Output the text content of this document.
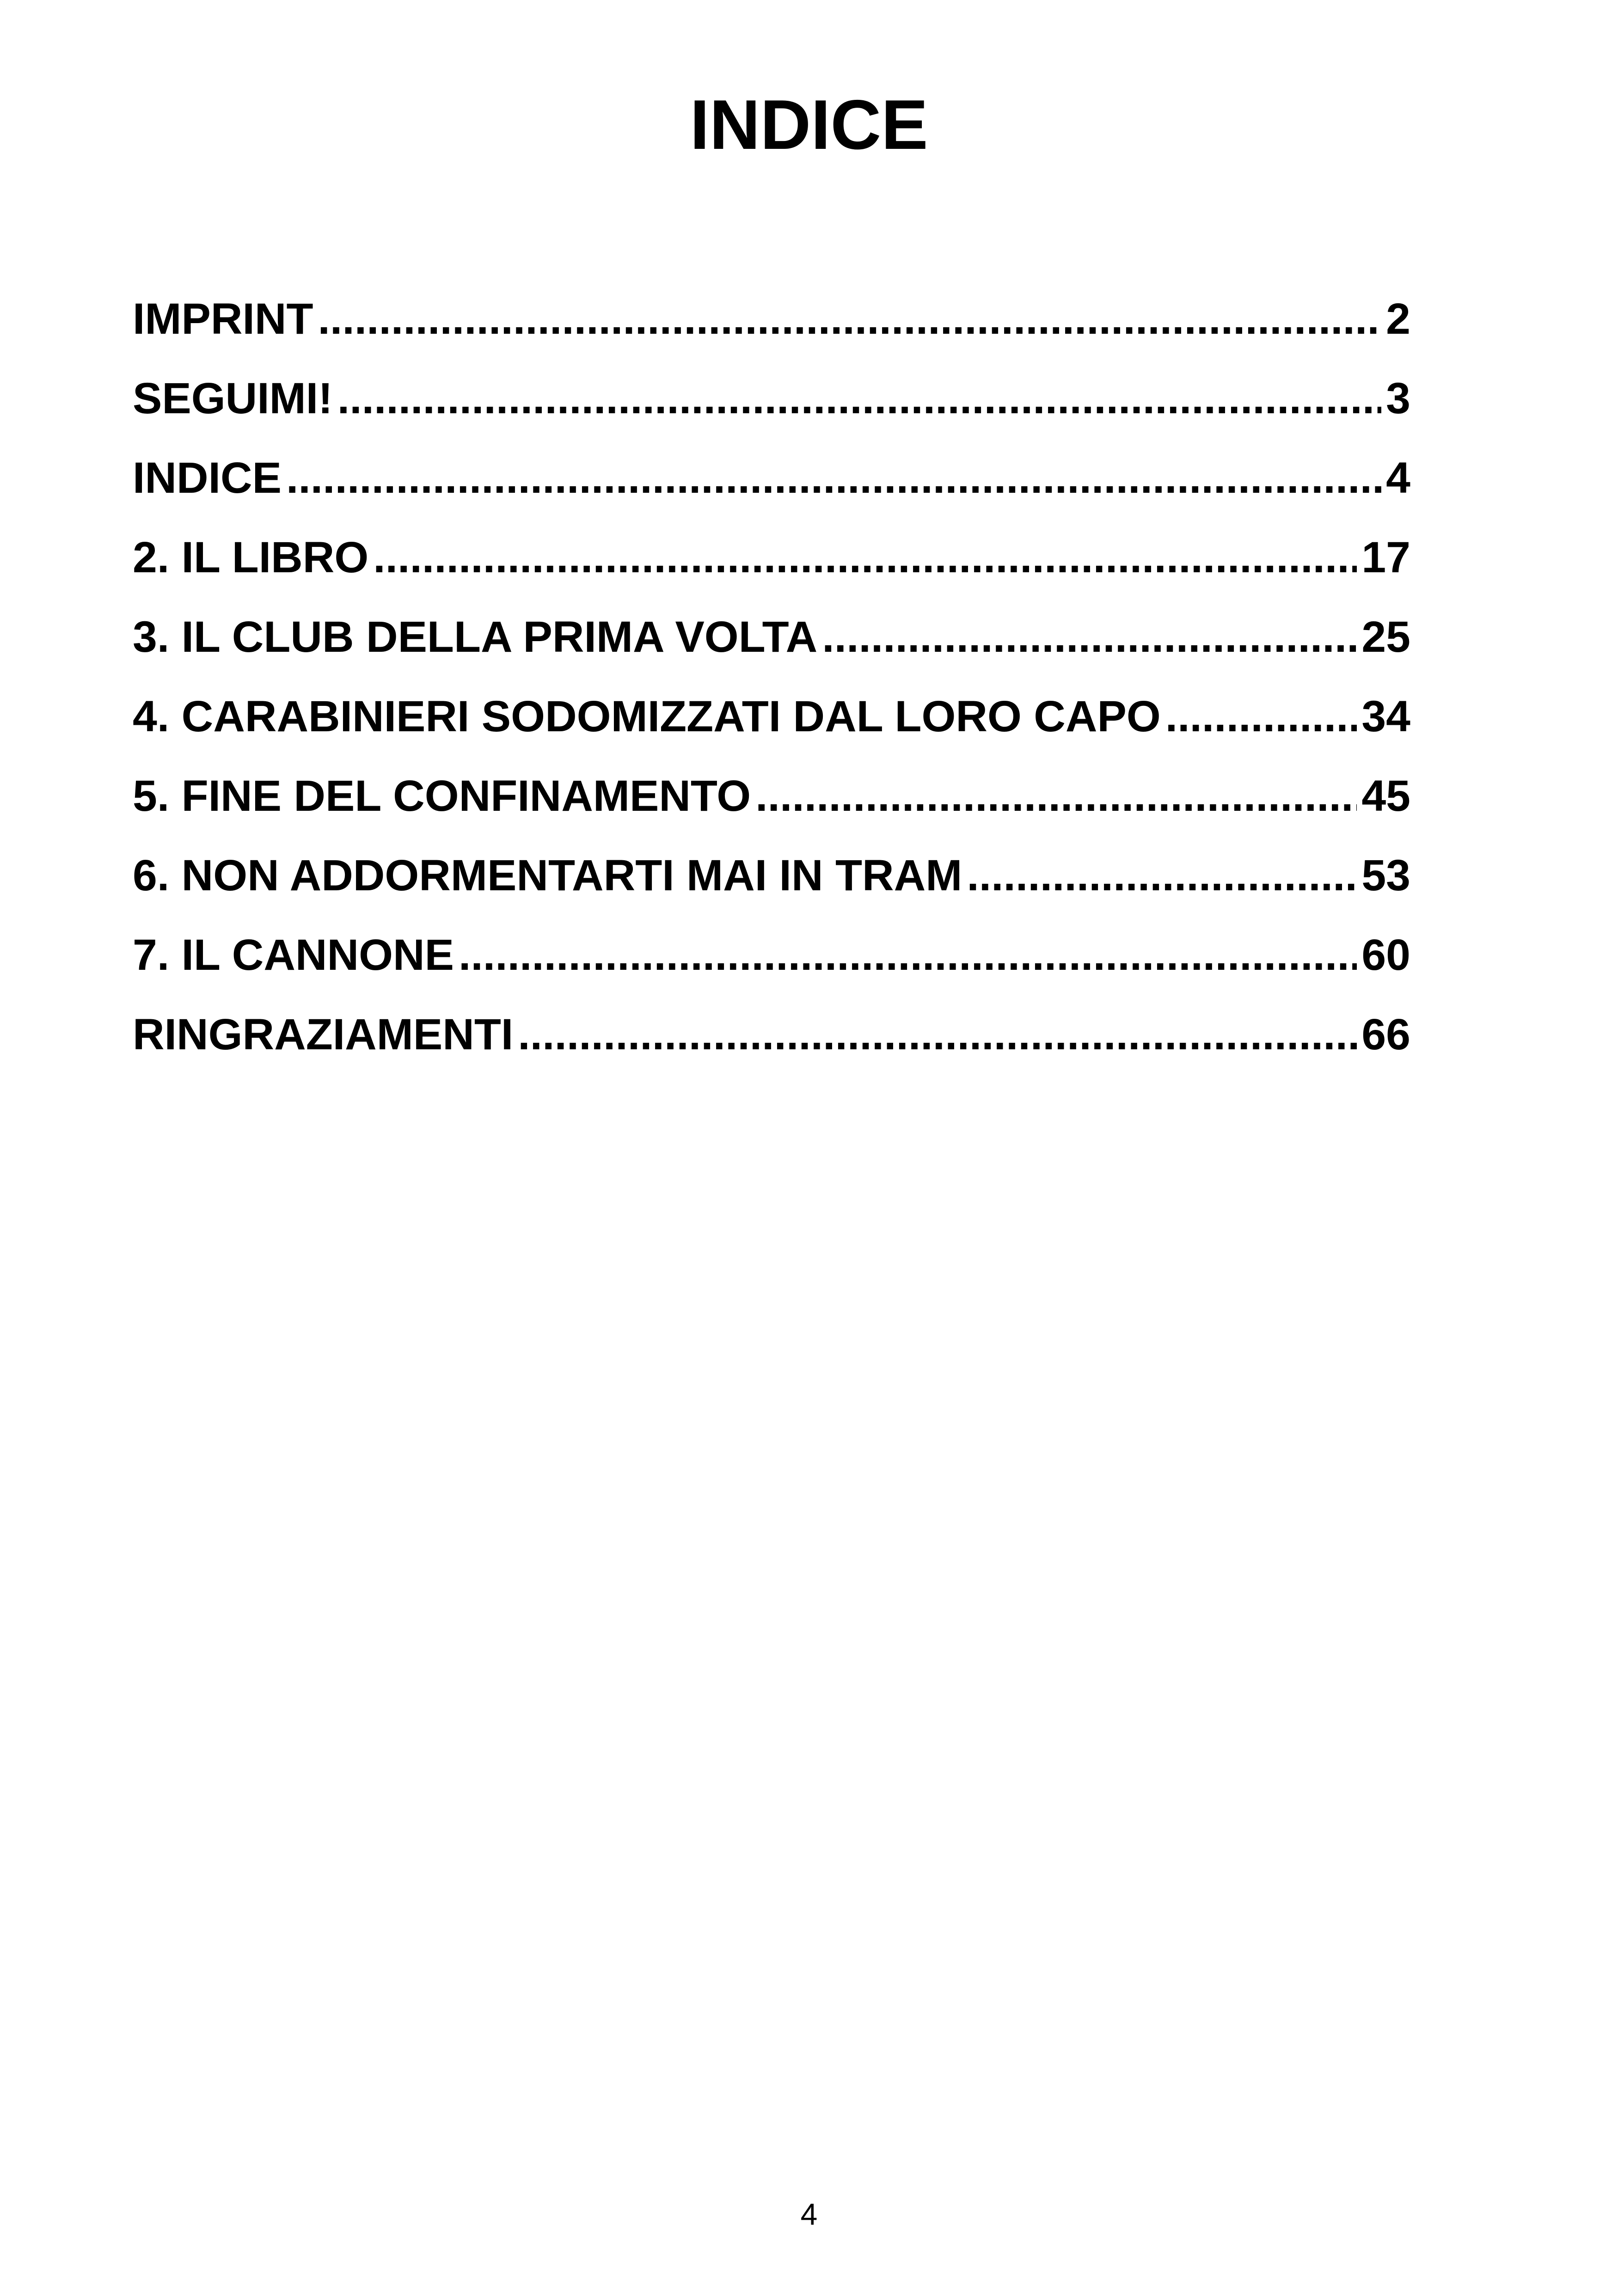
INDICE
IMPRINT .....	2
SEGUIMI! .....	3
INDICE .....	4
2. IL LIBRO .....	17
3. IL CLUB DELLA PRIMA VOLTA .....	25
4. CARABINIERI SODOMIZZATI DAL LORO CAPO .....	34
5. FINE DEL CONFINAMENTO .....	45
6. NON ADDORMENTARTI MAI IN TRAM .....	53
7. IL CANNONE .....	60
RINGRAZIAMENTI .....	66
4
